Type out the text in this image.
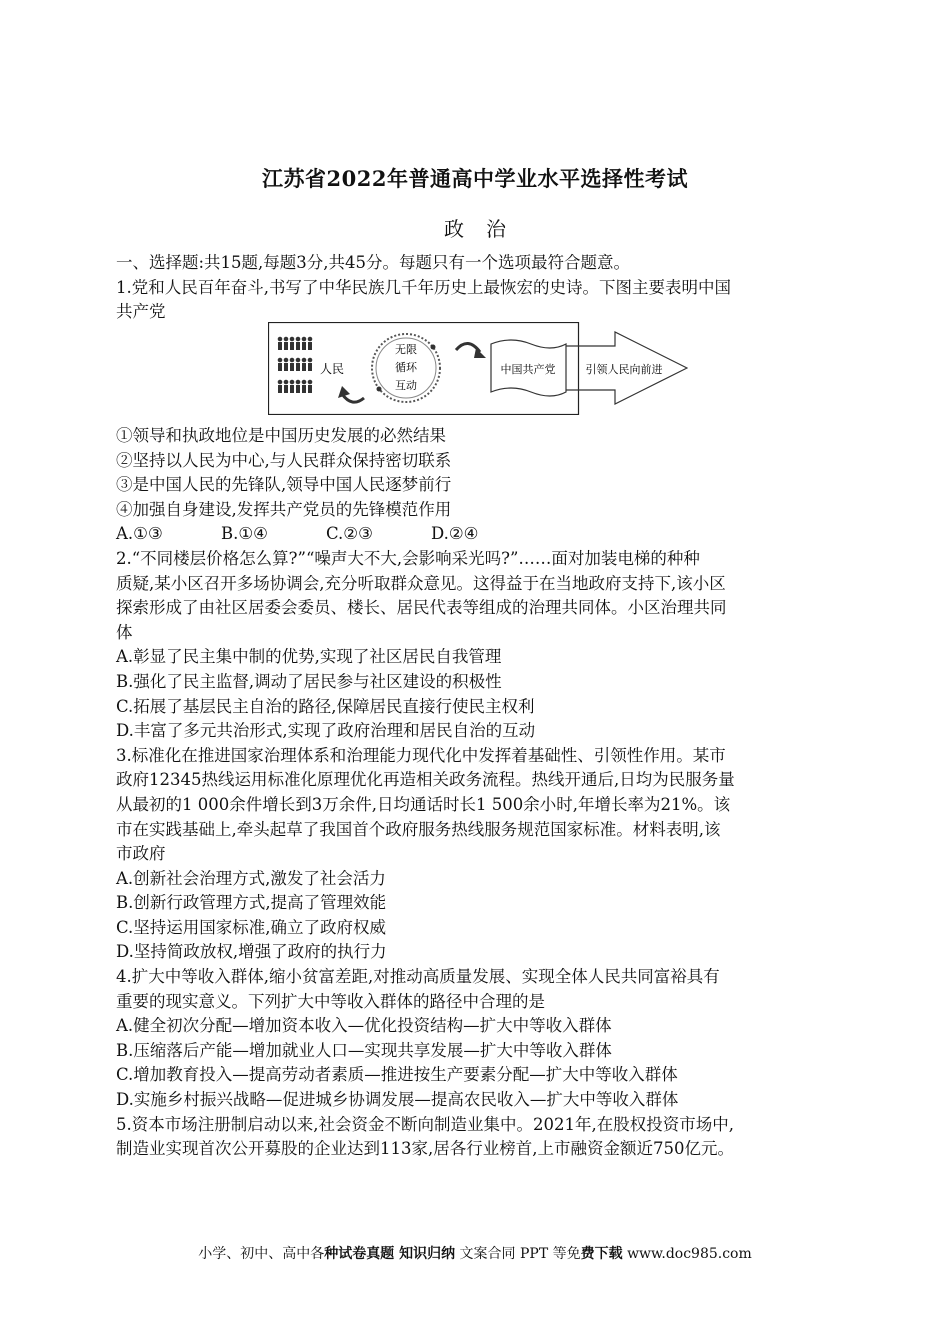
江苏省2022年普通高中学业水平选择性考试
政治
一、选择题:共15题,每题3分,共45分。每题只有一个选项最符合题意。
1.党和人民百年奋斗,书写了中华民族几千年历史上最恢宏的史诗。下图主要表明中国
共产党
人民
无限
循环
互动
中国共产党	引领人民向前进
①领导和执政地位是中国历史发展的必然结果
②坚持以人民为中心,与人民群众保持密切联系
③是中国人民的先锋队,领导中国人民逐梦前行
④加强自身建设,发挥共产党员的先锋模范作用
A.①③	B.①④	C.②③	D.②④
2.“不同楼层价格怎么算?”“噪声大不大,会影响采光吗?”……面对加装电梯的种种
质疑,某小区召开多场协调会,充分听取群众意见。这得益于在当地政府支持下,该小区
探索形成了由社区居委会委员、楼长、居民代表等组成的治理共同体。小区治理共同
体
A.彰显了民主集中制的优势,实现了社区居民自我管理
B.强化了民主监督,调动了居民参与社区建设的积极性
C.拓展了基层民主自治的路径,保障居民直接行使民主权利
D.丰富了多元共治形式,实现了政府治理和居民自治的互动
3.标准化在推进国家治理体系和治理能力现代化中发挥着基础性、引领性作用。某市
政府12345热线运用标准化原理优化再造相关政务流程。热线开通后,日均为民服务量
从最初的1 000余件增长到3万余件,日均通话时长1 500余小时,年增长率为21%。该
市在实践基础上,牵头起草了我国首个政府服务热线服务规范国家标准。材料表明,该
市政府
A.创新社会治理方式,激发了社会活力
B.创新行政管理方式,提高了管理效能
C.坚持运用国家标准,确立了政府权威
D.坚持简政放权,增强了政府的执行力
4.扩大中等收入群体,缩小贫富差距,对推动高质量发展、实现全体人民共同富裕具有
重要的现实意义。下列扩大中等收入群体的路径中合理的是
A.健全初次分配—增加资本收入—优化投资结构—扩大中等收入群体
B.压缩落后产能—增加就业人口—实现共享发展—扩大中等收入群体
C.增加教育投入—提高劳动者素质—推进按生产要素分配—扩大中等收入群体
D.实施乡村振兴战略—促进城乡协调发展—提高农民收入—扩大中等收入群体
5.资本市场注册制启动以来,社会资金不断向制造业集中。2021年,在股权投资市场中,
制造业实现首次公开募股的企业达到113家,居各行业榜首,上市融资金额近750亿元。
小学、初中、高中各种试卷真题 知识归纳 文案合同 PPT 等免费下载 www.doc985.com
